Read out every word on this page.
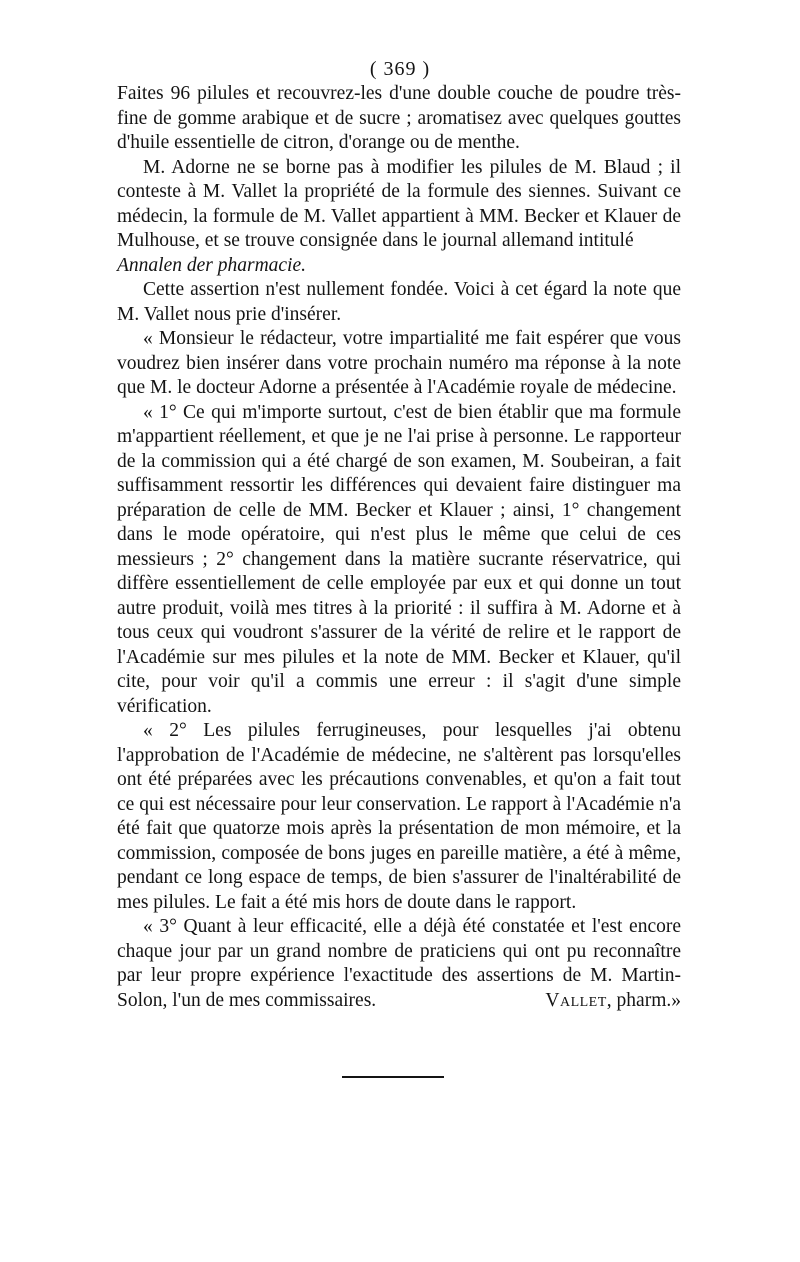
( 369 )

Faites 96 pilules et recouvrez-les d'une double couche de poudre très-fine de gomme arabique et de sucre ; aromatisez avec quelques gouttes d'huile essentielle de citron, d'orange ou de menthe.

M. Adorne ne se borne pas à modifier les pilules de M. Blaud ; il conteste à M. Vallet la propriété de la formule des siennes. Suivant ce médecin, la formule de M. Vallet appartient à MM. Becker et Klauer de Mulhouse, et se trouve consignée dans le journal allemand intitulé
Annalen der pharmacie.

Cette assertion n'est nullement fondée. Voici à cet égard la note que M. Vallet nous prie d'insérer.

« Monsieur le rédacteur, votre impartialité me fait espérer que vous voudrez bien insérer dans votre prochain numéro ma réponse à la note que M. le docteur Adorne a présentée à l'Académie royale de médecine.

« 1° Ce qui m'importe surtout, c'est de bien établir que ma formule m'appartient réellement, et que je ne l'ai prise à personne. Le rapporteur de la commission qui a été chargé de son examen, M. Soubeiran, a fait suffisamment ressortir les différences qui devaient faire distinguer ma préparation de celle de MM. Becker et Klauer ; ainsi, 1° changement dans le mode opératoire, qui n'est plus le même que celui de ces messieurs ; 2° changement dans la matière sucrante réservatrice, qui diffère essentiellement de celle employée par eux et qui donne un tout autre produit, voilà mes titres à la priorité : il suffira à M. Adorne et à tous ceux qui voudront s'assurer de la vérité de relire et le rapport de l'Académie sur mes pilules et la note de MM. Becker et Klauer, qu'il cite, pour voir qu'il a commis une erreur : il s'agit d'une simple vérification.

« 2° Les pilules ferrugineuses, pour lesquelles j'ai obtenu l'approbation de l'Académie de médecine, ne s'altèrent pas lorsqu'elles ont été préparées avec les précautions convenables, et qu'on a fait tout ce qui est nécessaire pour leur conservation. Le rapport à l'Académie n'a été fait que quatorze mois après la présentation de mon mémoire, et la commission, composée de bons juges en pareille matière, a été à même, pendant ce long espace de temps, de bien s'assurer de l'inaltérabilité de mes pilules. Le fait a été mis hors de doute dans le rapport.

« 3° Quant à leur efficacité, elle a déjà été constatée et l'est encore chaque jour par un grand nombre de praticiens qui ont pu reconnaître par leur propre expérience l'exactitude des assertions de M. Martin-Solon, l'un de mes commissaires.	Vallet, pharm.»
